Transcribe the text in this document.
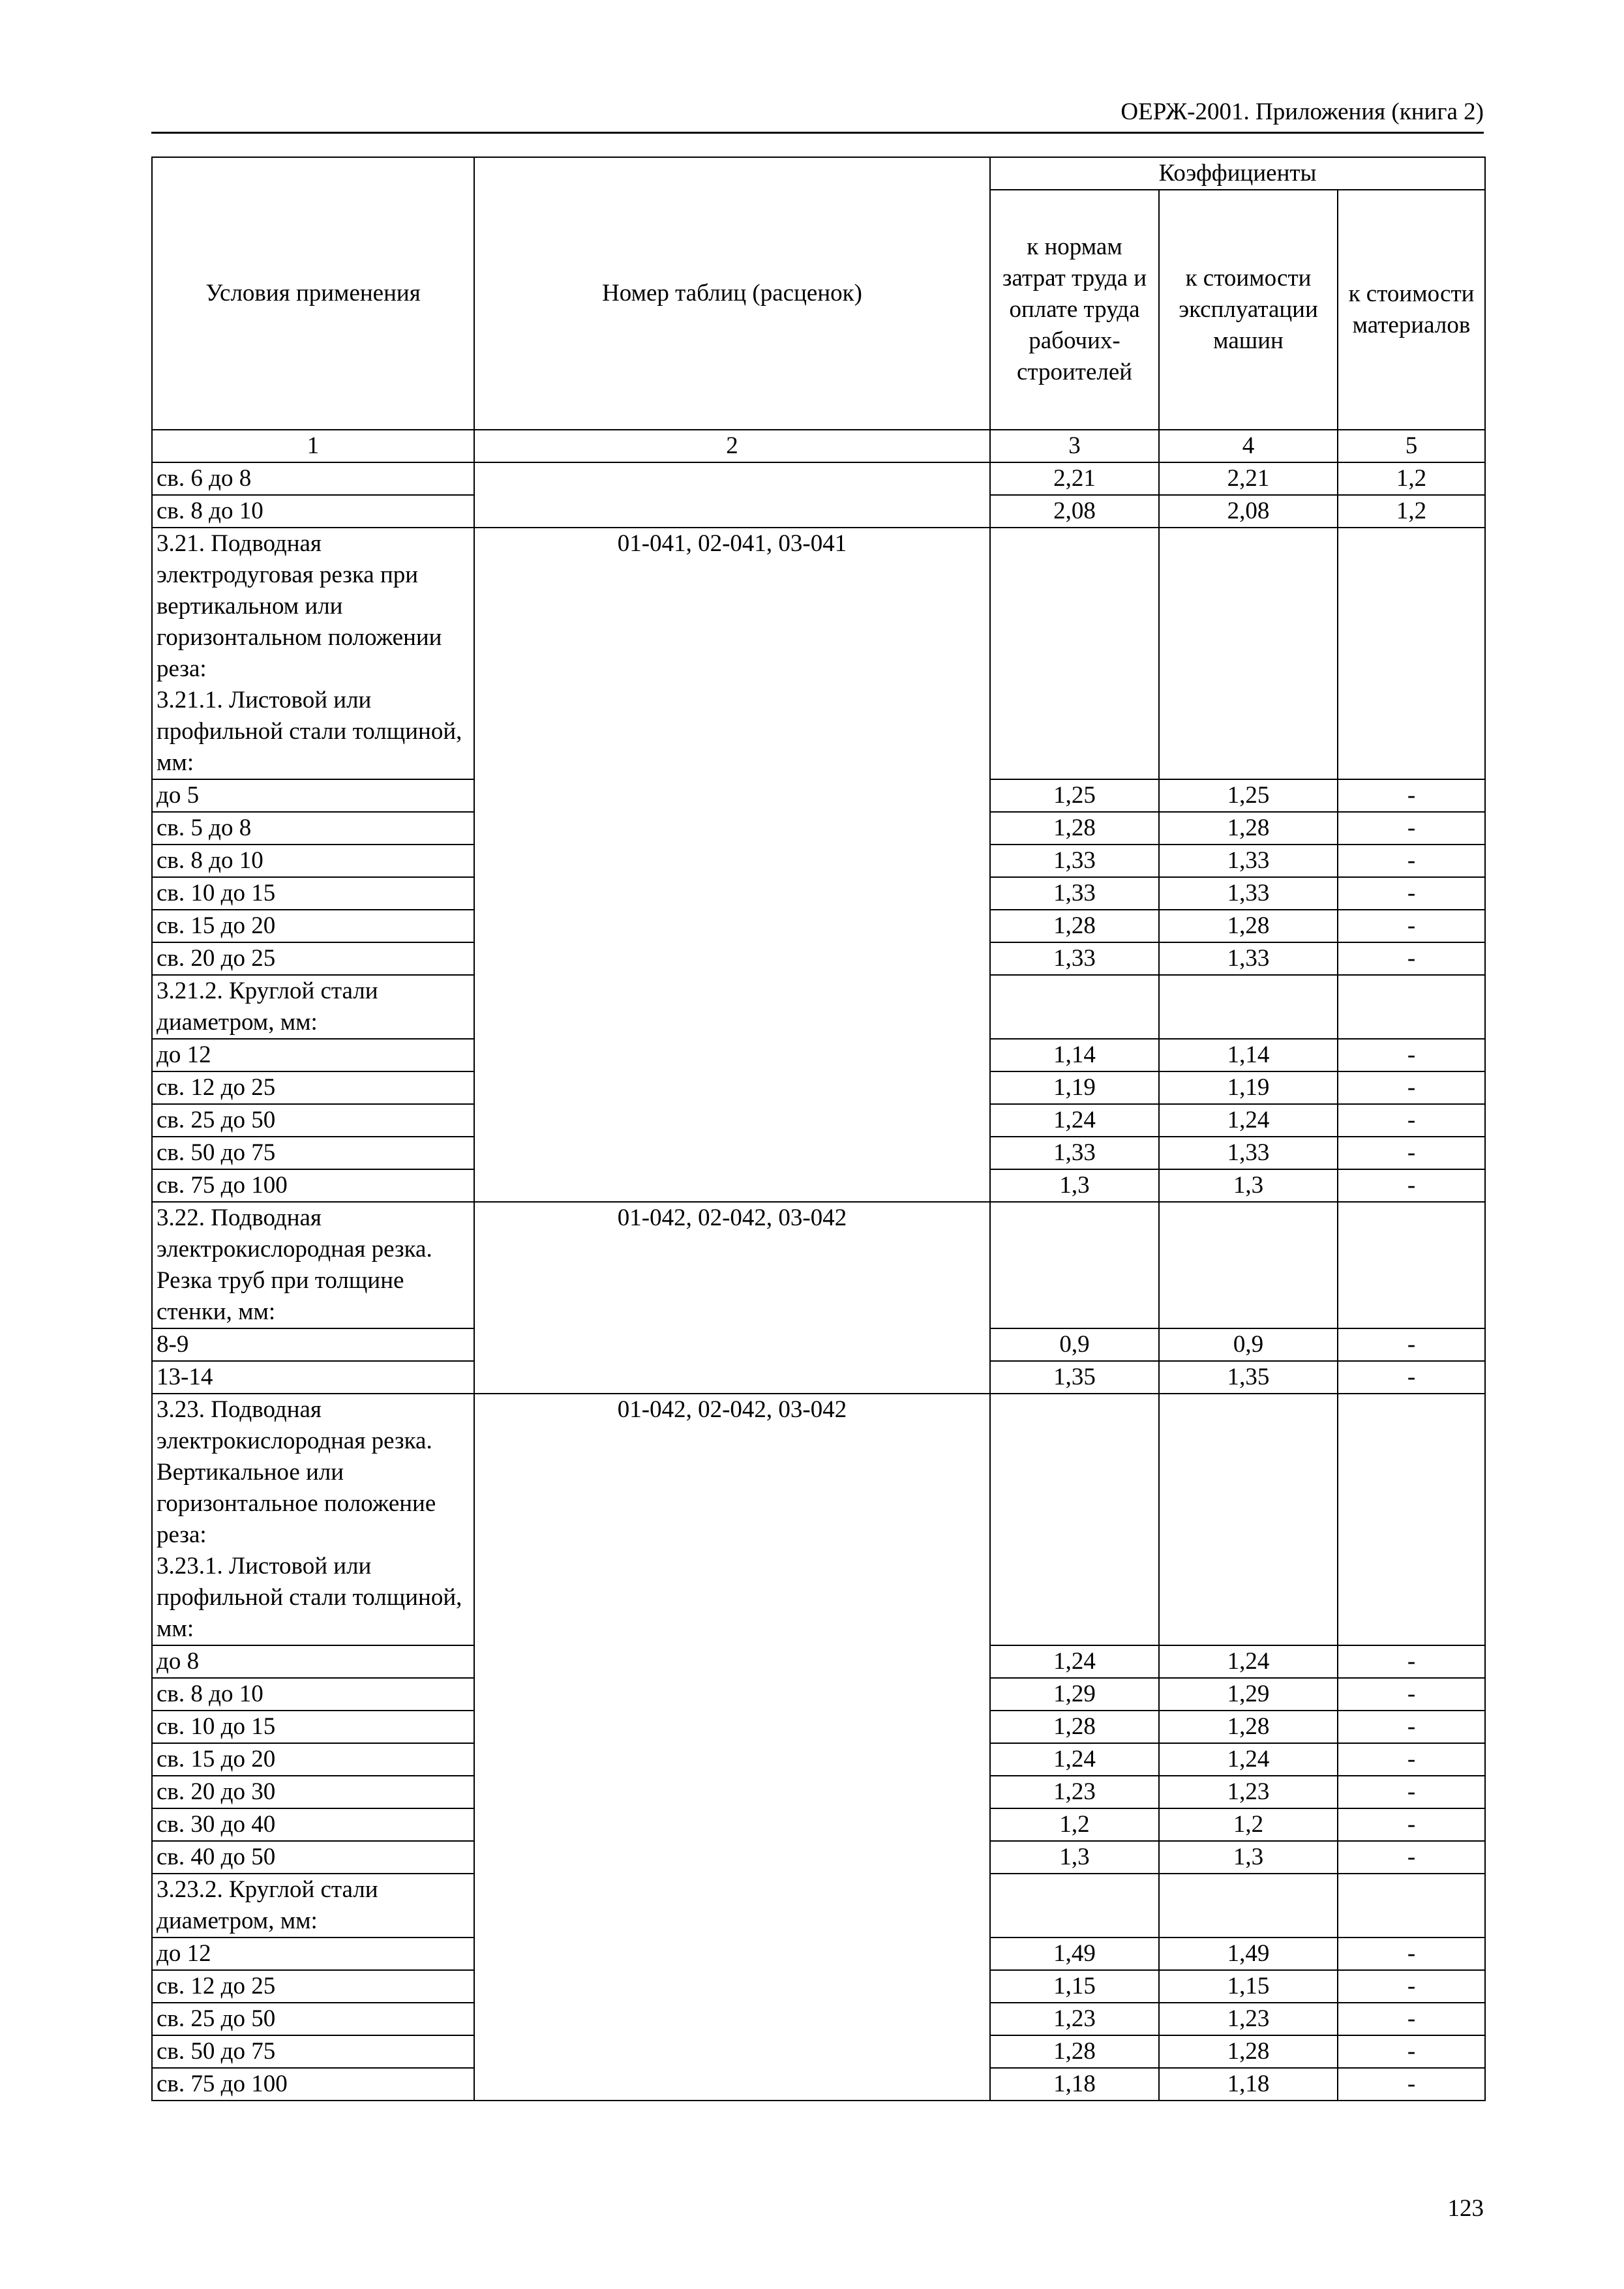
ОЕРЖ-2001. Приложения (книга 2)
Условия применения	Номер таблиц (расценок)	Коэффициенты		
		к нормам затрат труда и оплате труда рабочих-строителей	к стоимости эксплуатации машин	к стоимости материалов
1	2	3	4	5
св. 6 до 8		2,21	2,21	1,2
св. 8 до 10		2,08	2,08	1,2
3.21. Подводная электродуговая резка при вертикальном или горизонтальном положении реза:
3.21.1. Листовой или профильной стали толщиной, мм:	01-041, 02-041, 03-041			
до 5		1,25	1,25	-
св. 5 до 8		1,28	1,28	-
св. 8 до 10		1,33	1,33	-
св. 10 до 15		1,33	1,33	-
св. 15 до 20		1,28	1,28	-
св. 20 до 25		1,33	1,33	-
3.21.2. Круглой стали диаметром, мм:				
до 12		1,14	1,14	-
св. 12 до 25		1,19	1,19	-
св. 25 до 50		1,24	1,24	-
св. 50 до 75		1,33	1,33	-
св. 75 до 100		1,3	1,3	-
3.22. Подводная электрокислородная резка. Резка труб при толщине стенки, мм:	01-042, 02-042, 03-042			
8-9		0,9	0,9	-
13-14		1,35	1,35	-
3.23. Подводная электрокислородная резка. Вертикальное или горизонтальное положение реза:
3.23.1. Листовой или профильной стали толщиной, мм:	01-042, 02-042, 03-042			
до 8		1,24	1,24	-
св. 8 до 10		1,29	1,29	-
св. 10 до 15		1,28	1,28	-
св. 15 до 20		1,24	1,24	-
св. 20 до 30		1,23	1,23	-
св. 30 до 40		1,2	1,2	-
св. 40 до 50		1,3	1,3	-
3.23.2. Круглой стали диаметром, мм:				
до 12		1,49	1,49	-
св. 12 до 25		1,15	1,15	-
св. 25 до 50		1,23	1,23	-
св. 50 до 75		1,28	1,28	-
св. 75 до 100		1,18	1,18	-
123
